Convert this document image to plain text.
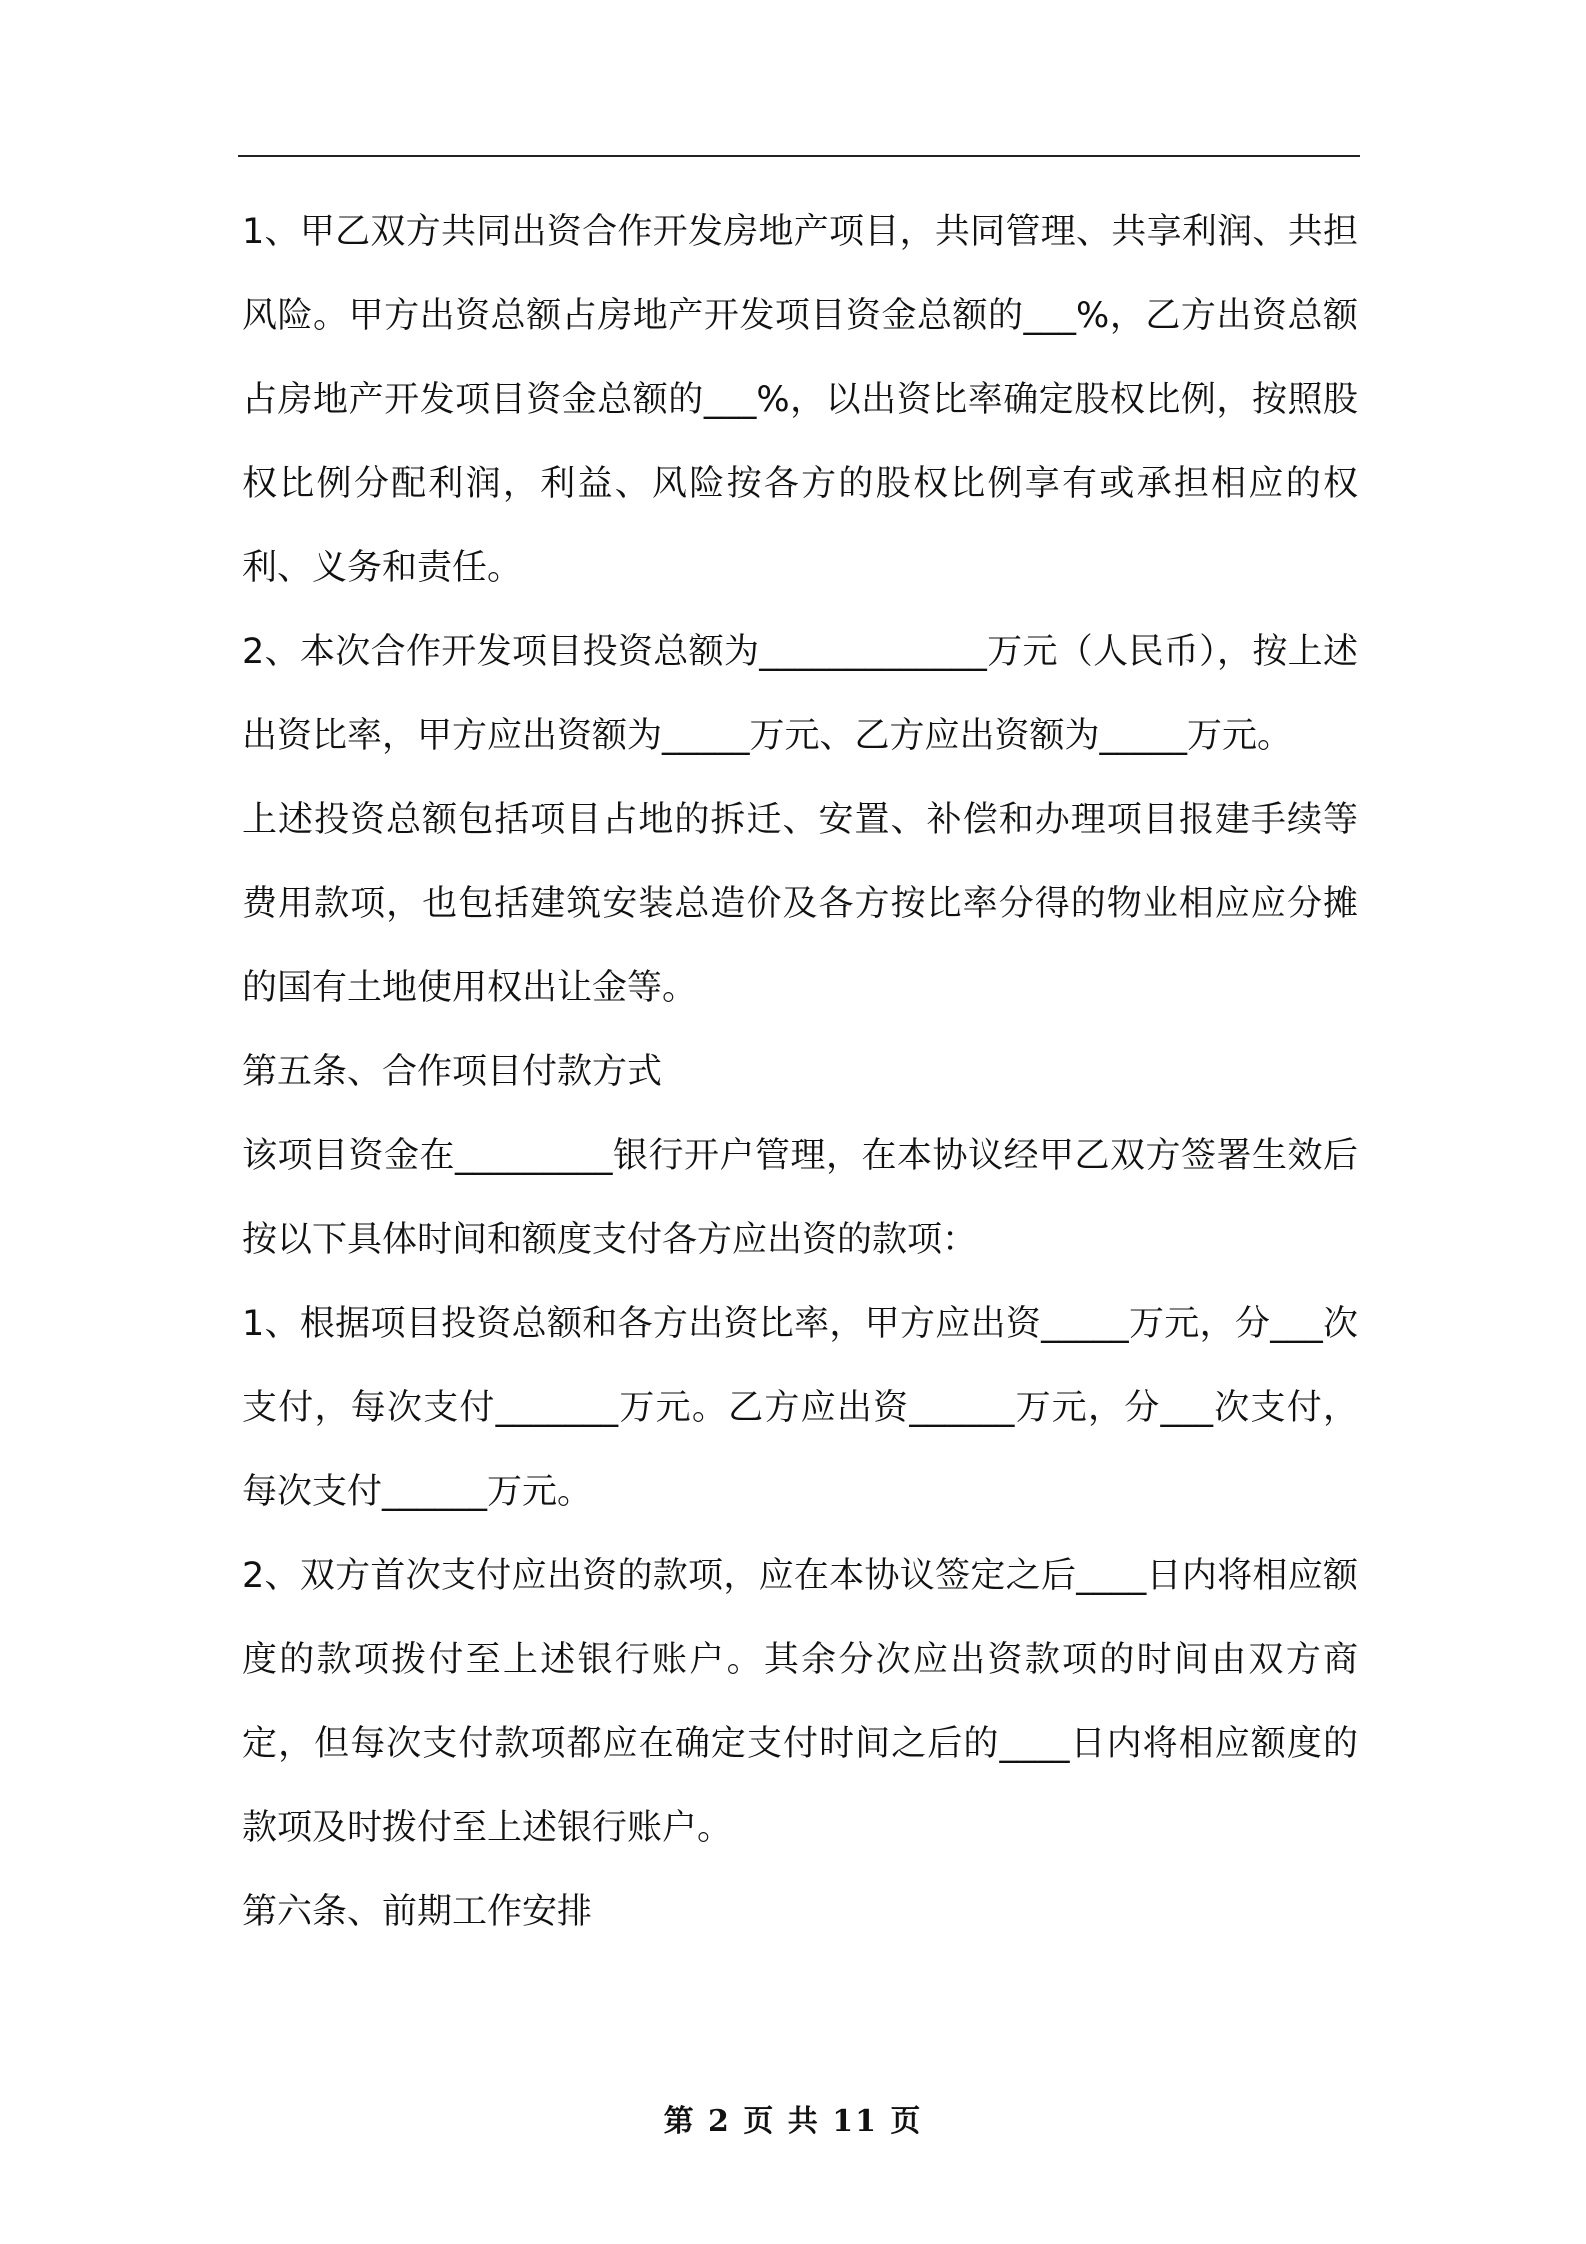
1、甲乙双方共同出资合作开发房地产项目，共同管理、共享利润、共担风险。甲方出资总额占房地产开发项目资金总额的___%，乙方出资总额占房地产开发项目资金总额的___%，以出资比率确定股权比例，按照股权比例分配利润，利益、风险按各方的股权比例享有或承担相应的权利、义务和责任。

2、本次合作开发项目投资总额为_____________万元（人民币），按上述出资比率，甲方应出资额为_____万元、乙方应出资额为_____万元。

上述投资总额包括项目占地的拆迁、安置、补偿和办理项目报建手续等费用款项，也包括建筑安装总造价及各方按比率分得的物业相应应分摊的国有土地使用权出让金等。

第五条、合作项目付款方式

该项目资金在_________银行开户管理，在本协议经甲乙双方签署生效后按以下具体时间和额度支付各方应出资的款项：

1、根据项目投资总额和各方出资比率，甲方应出资_____万元，分___次支付，每次支付_______万元。乙方应出资______万元，分___次支付，每次支付______万元。

2、双方首次支付应出资的款项，应在本协议签定之后____日内将相应额度的款项拨付至上述银行账户。其余分次应出资款项的时间由双方商定，但每次支付款项都应在确定支付时间之后的____日内将相应额度的款项及时拨付至上述银行账户。

第六条、前期工作安排

第 2 页 共 11 页
